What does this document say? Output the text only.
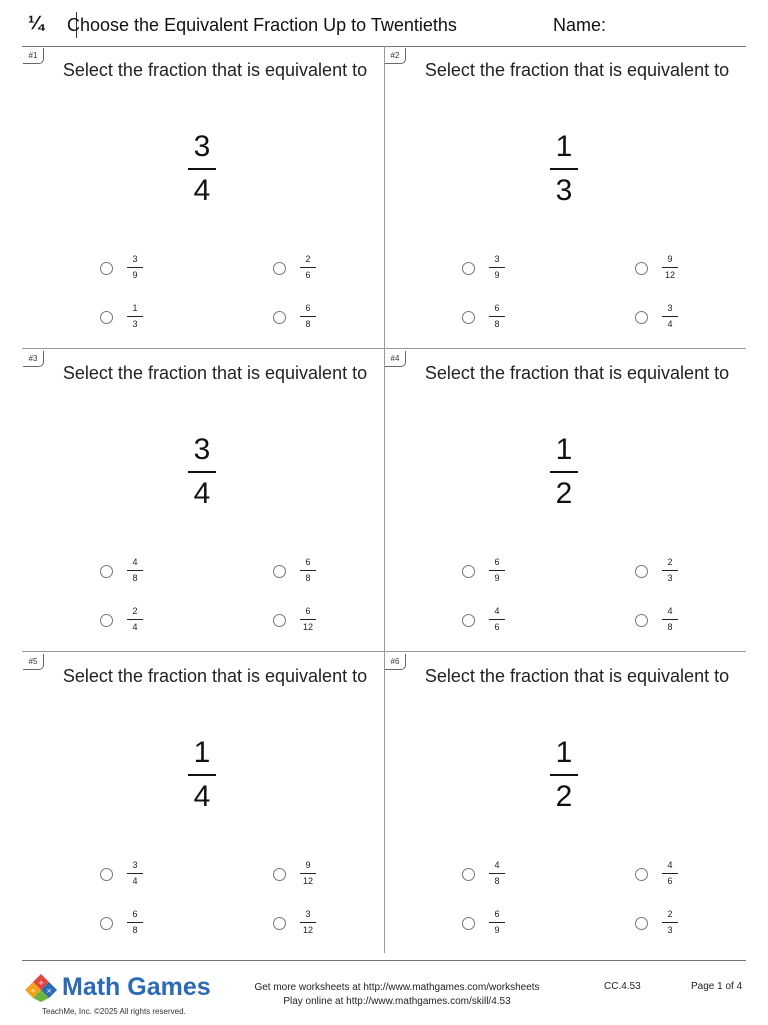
¼ Choose the Equivalent Fraction Up to Twentieths	Name:
#1
Select the fraction that is equivalent to
3
4
3
9
2
6
1
3
6
8
#2
Select the fraction that is equivalent to
1
3
3
9
9
12
6
8
3
4
#3
Select the fraction that is equivalent to
3
4
4
8
6
8
2
4
6
12
#4
Select the fraction that is equivalent to
1
2
6
9
2
3
4
6
4
8
#5
Select the fraction that is equivalent to
1
4
3
4
9
12
6
8
3
12
#6
Select the fraction that is equivalent to
1
2
4
8
4
6
6
9
2
3
+
÷ × Math Games
TeachMe, Inc. ©2025 All rights reserved.
Get more worksheets at http://www.mathgames.com/worksheets
Play online at http://www.mathgames.com/skill/4.53
CC.4.53	Page 1 of 4
